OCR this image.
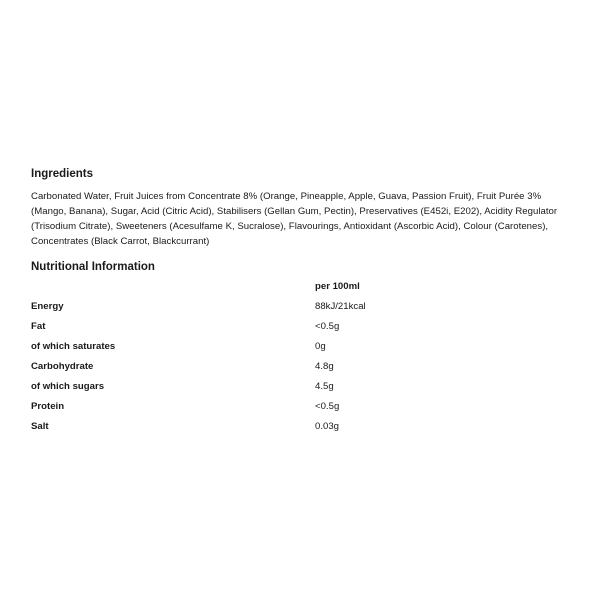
Ingredients

Carbonated Water, Fruit Juices from Concentrate 8% (Orange, Pineapple, Apple, Guava, Passion Fruit), Fruit Purée 3% (Mango, Banana), Sugar, Acid (Citric Acid), Stabilisers (Gellan Gum, Pectin), Preservatives (E452i, E202), Acidity Regulator (Trisodium Citrate), Sweeteners (Acesulfame K, Sucralose), Flavourings, Antioxidant (Ascorbic Acid), Colour (Carotenes), Concentrates (Black Carrot, Blackcurrant)

Nutritional Information
per 100ml
Energy	88kJ/21kcal
Fat	<0.5g
of which saturates	0g
Carbohydrate	4.8g
of which sugars	4.5g
Protein	<0.5g
Salt	0.03g
